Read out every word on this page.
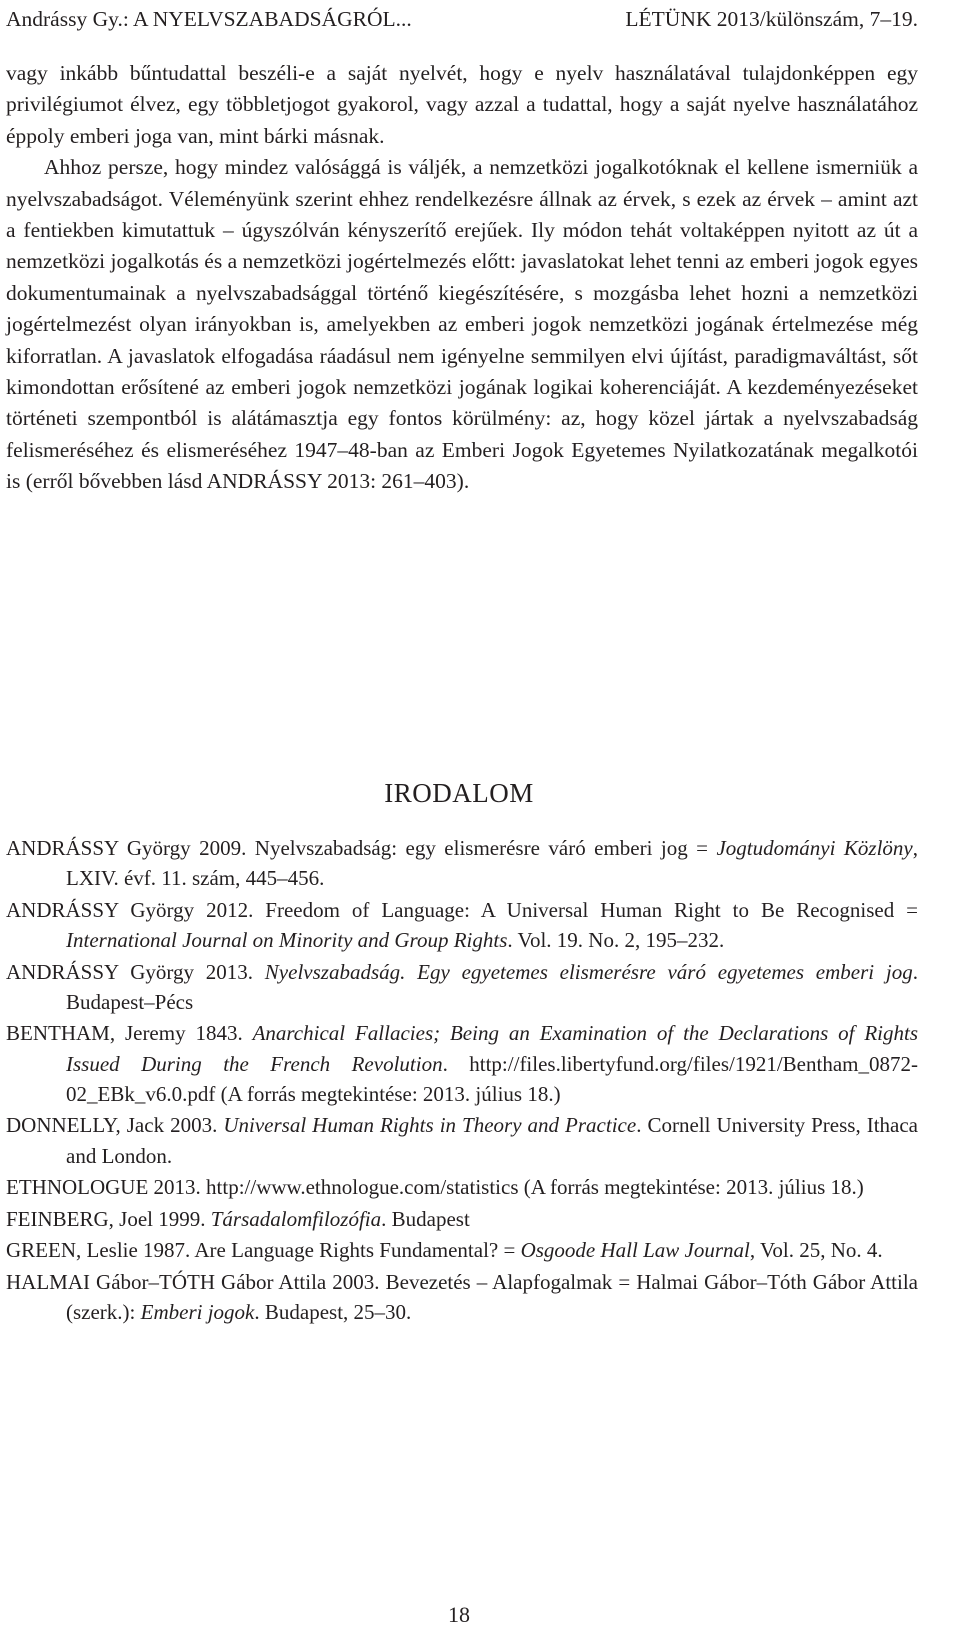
Andrássy Gy.: A NYELVSZABADSÁGRÓL...	LÉTÜNK 2013/különszám, 7–19.

vagy inkább bűntudattal beszéli-e a saját nyelvét, hogy e nyelv használatával tulajdonképpen egy privilégiumot élvez, egy többletjogot gyakorol, vagy azzal a tudattal, hogy a saját nyelve használatához éppoly emberi joga van, mint bárki másnak.

Ahhoz persze, hogy mindez valósággá is váljék, a nemzetközi jogalkotóknak el kellene ismerniük a nyelvszabadságot. Véleményünk szerint ehhez rendelkezésre állnak az érvek, s ezek az érvek – amint azt a fentiekben kimutattuk – úgyszólván kényszerítő erejűek. Ily módon tehát voltaképpen nyitott az út a nemzetközi jogalkotás és a nemzetközi jogértelmezés előtt: javaslatokat lehet tenni az emberi jogok egyes dokumentumainak a nyelvszabadsággal történő kiegészítésére, s mozgásba lehet hozni a nemzetközi jogértelmezést olyan irányokban is, amelyekben az emberi jogok nemzetközi jogának értelmezése még kiforratlan. A javaslatok elfogadása ráadásul nem igényelne semmilyen elvi újítást, paradigmaváltást, sőt kimondottan erősítené az emberi jogok nemzetközi jogának logikai koherenciáját. A kezdeményezéseket történeti szempontból is alátámasztja egy fontos körülmény: az, hogy közel jártak a nyelvszabadság felismeréséhez és elismeréséhez 1947–48-ban az Emberi Jogok Egyetemes Nyilatkozatának megalkotói is (erről bővebben lásd ANDRÁSSY 2013: 261–403).

IRODALOM

ANDRÁSSY György 2009. Nyelvszabadság: egy elismerésre váró emberi jog = Jogtudományi Közlöny, LXIV. évf. 11. szám, 445–456.

ANDRÁSSY György 2012. Freedom of Language: A Universal Human Right to Be Recognised = International Journal on Minority and Group Rights. Vol. 19. No. 2, 195–232.

ANDRÁSSY György 2013. Nyelvszabadság. Egy egyetemes elismerésre váró egyetemes emberi jog. Budapest–Pécs

BENTHAM, Jeremy 1843. Anarchical Fallacies; Being an Examination of the Declarations of Rights Issued During the French Revolution. http://files.libertyfund.org/files/1921/Bentham_0872-02_EBk_v6.0.pdf (A forrás megtekintése: 2013. július 18.)

DONNELLY, Jack 2003. Universal Human Rights in Theory and Practice. Cornell University Press, Ithaca and London.

ETHNOLOGUE 2013. http://www.ethnologue.com/statistics (A forrás megtekintése: 2013. július 18.)

FEINBERG, Joel 1999. Társadalomfilozófia. Budapest

GREEN, Leslie 1987. Are Language Rights Fundamental? = Osgoode Hall Law Journal, Vol. 25, No. 4.

HALMAI Gábor–TÓTH Gábor Attila 2003. Bevezetés – Alapfogalmak = Halmai Gábor–Tóth Gábor Attila (szerk.): Emberi jogok. Budapest, 25–30.

18
